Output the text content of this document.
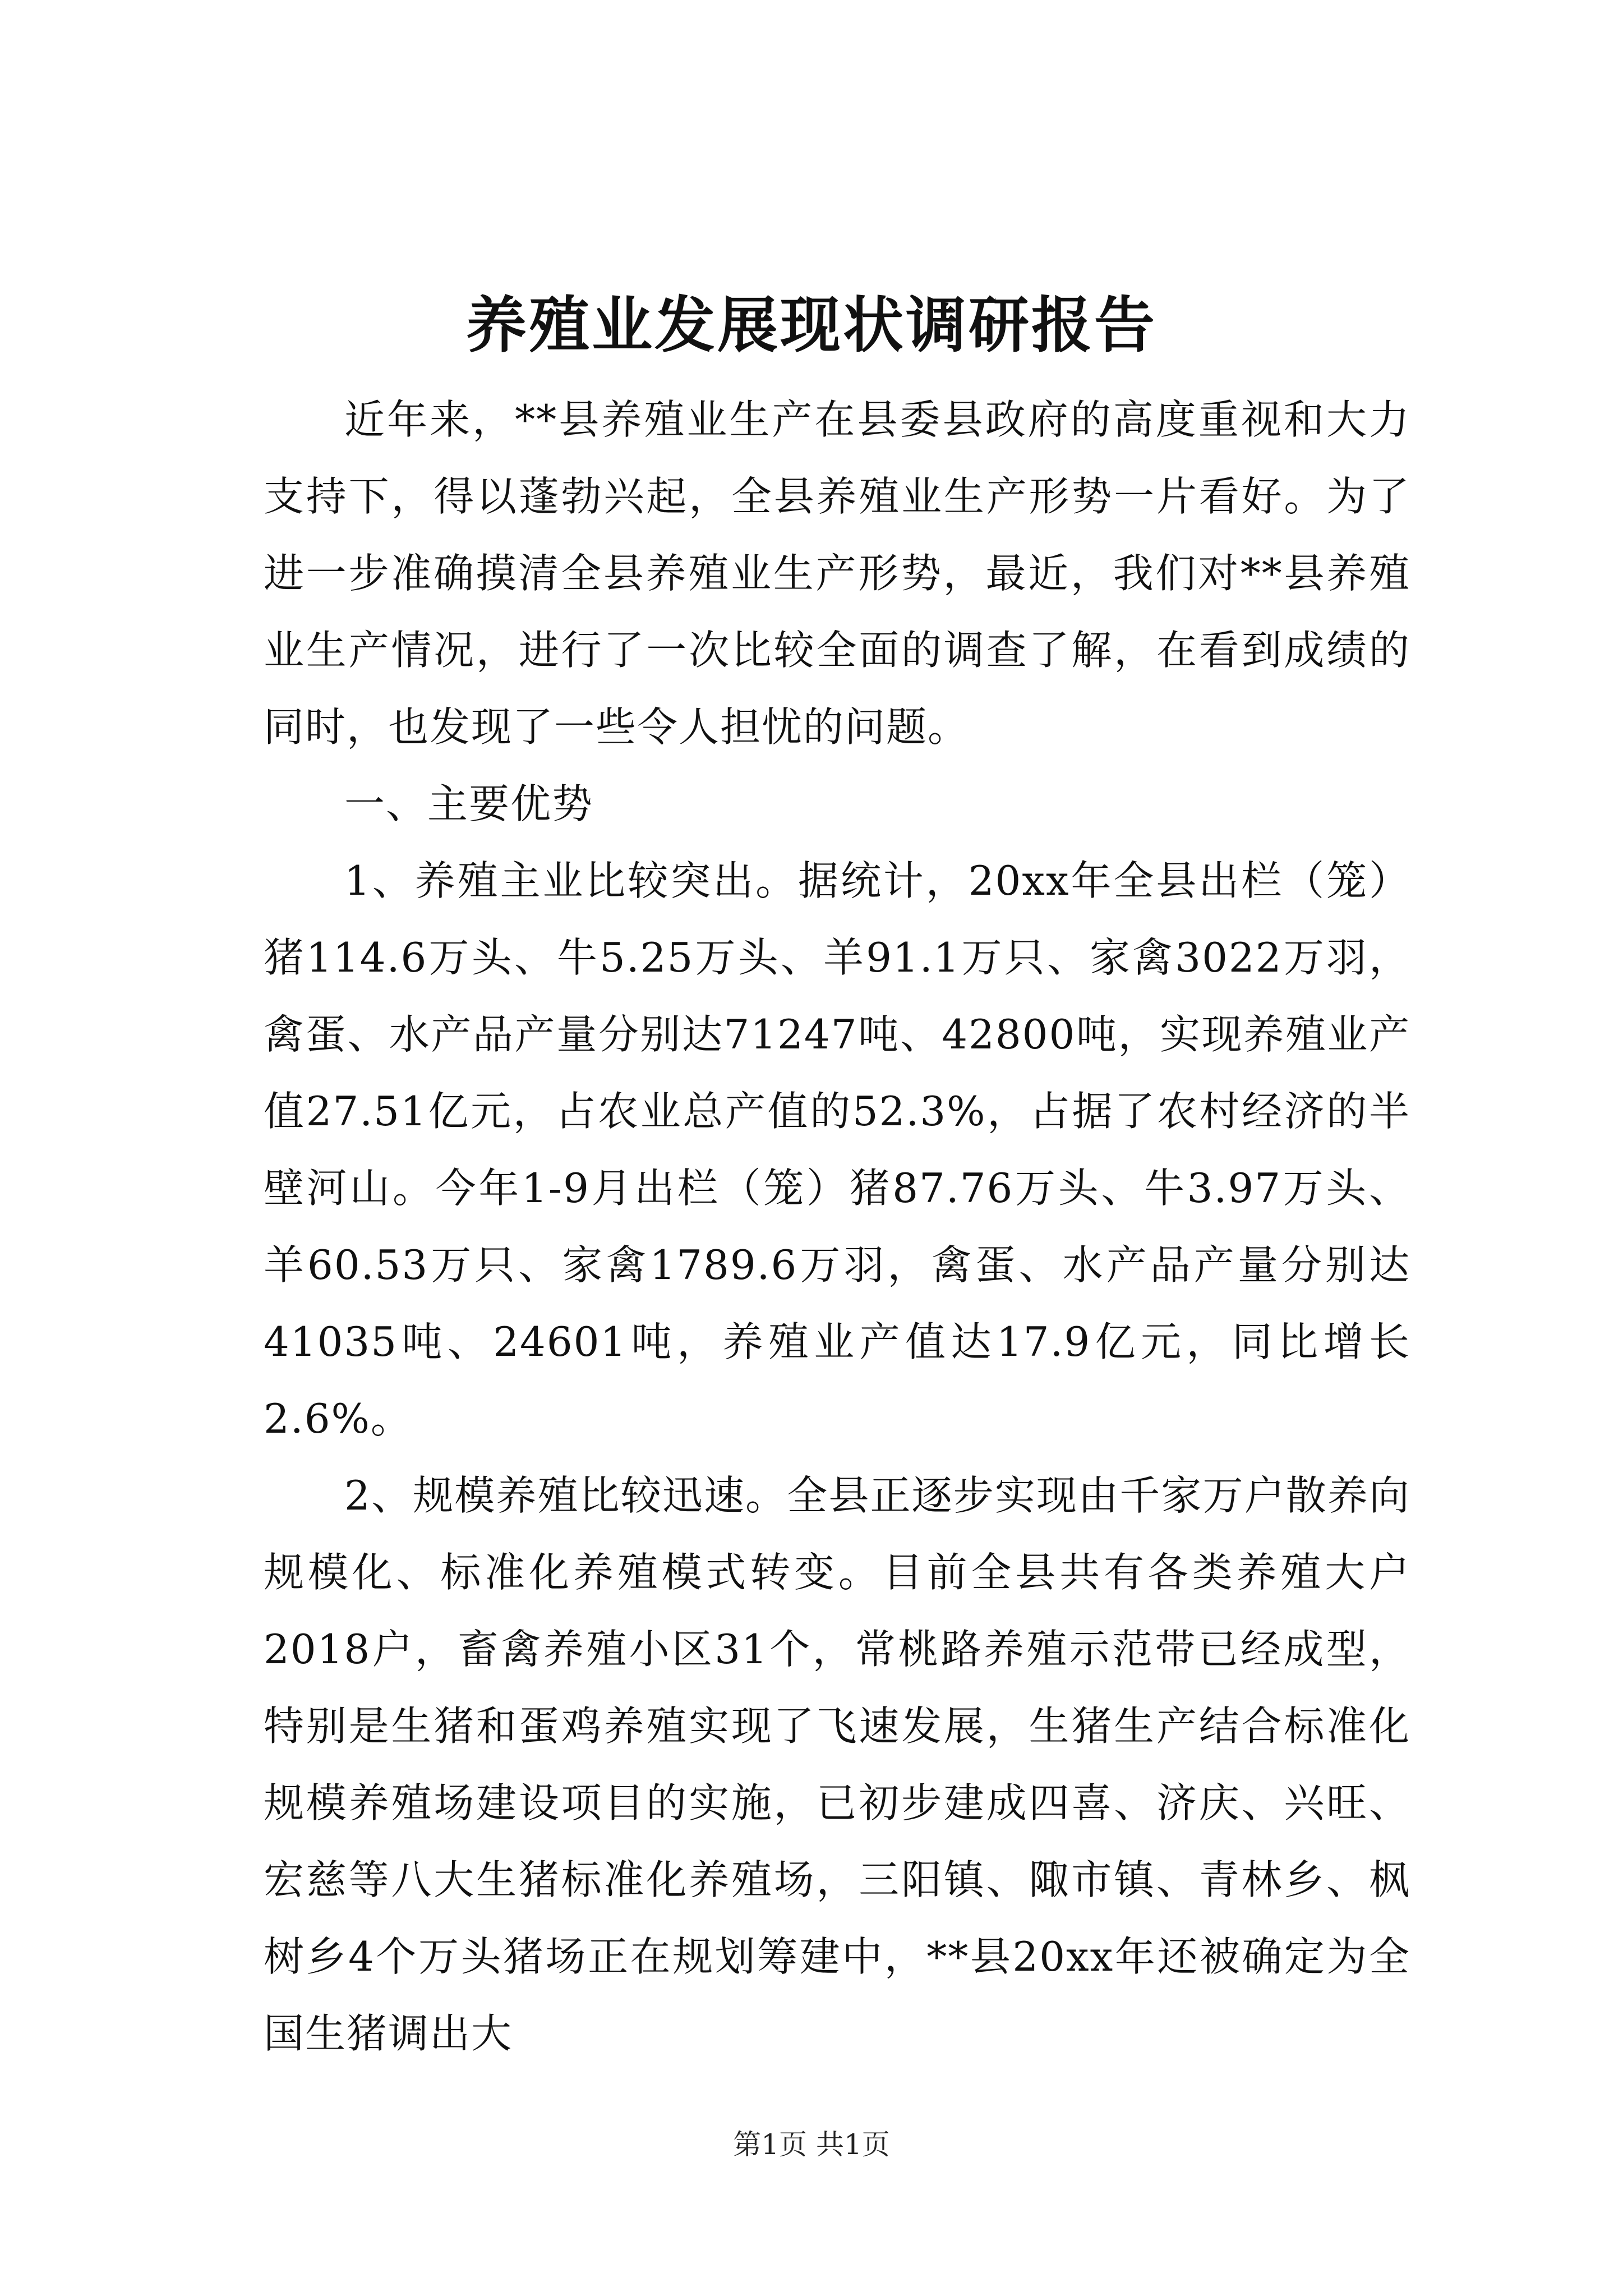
养殖业发展现状调研报告

近年来，**县养殖业生产在县委县政府的高度重视和大力支持下，得以蓬勃兴起，全县养殖业生产形势一片看好。为了进一步准确摸清全县养殖业生产形势，最近，我们对**县养殖业生产情况，进行了一次比较全面的调查了解，在看到成绩的同时，也发现了一些令人担忧的问题。

一、主要优势

1、养殖主业比较突出。据统计，20xx年全县出栏（笼）猪114.6万头、牛5.25万头、羊91.1万只、家禽3022万羽，禽蛋、水产品产量分别达71247吨、42800吨，实现养殖业产值27.51亿元，占农业总产值的52.3%，占据了农村经济的半壁河山。今年1-9月出栏（笼）猪87.76万头、牛3.97万头、羊60.53万只、家禽1789.6万羽，禽蛋、水产品产量分别达41035吨、24601吨，养殖业产值达17.9亿元，同比增长2.6%。

2、规模养殖比较迅速。全县正逐步实现由千家万户散养向规模化、标准化养殖模式转变。目前全县共有各类养殖大户2018户，畜禽养殖小区31个，常桃路养殖示范带已经成型，特别是生猪和蛋鸡养殖实现了飞速发展，生猪生产结合标准化规模养殖场建设项目的实施，已初步建成四喜、济庆、兴旺、宏慈等八大生猪标准化养殖场，三阳镇、陬市镇、青林乡、枫树乡4个万头猪场正在规划筹建中，**县20xx年还被确定为全国生猪调出大

第1页 共1页
